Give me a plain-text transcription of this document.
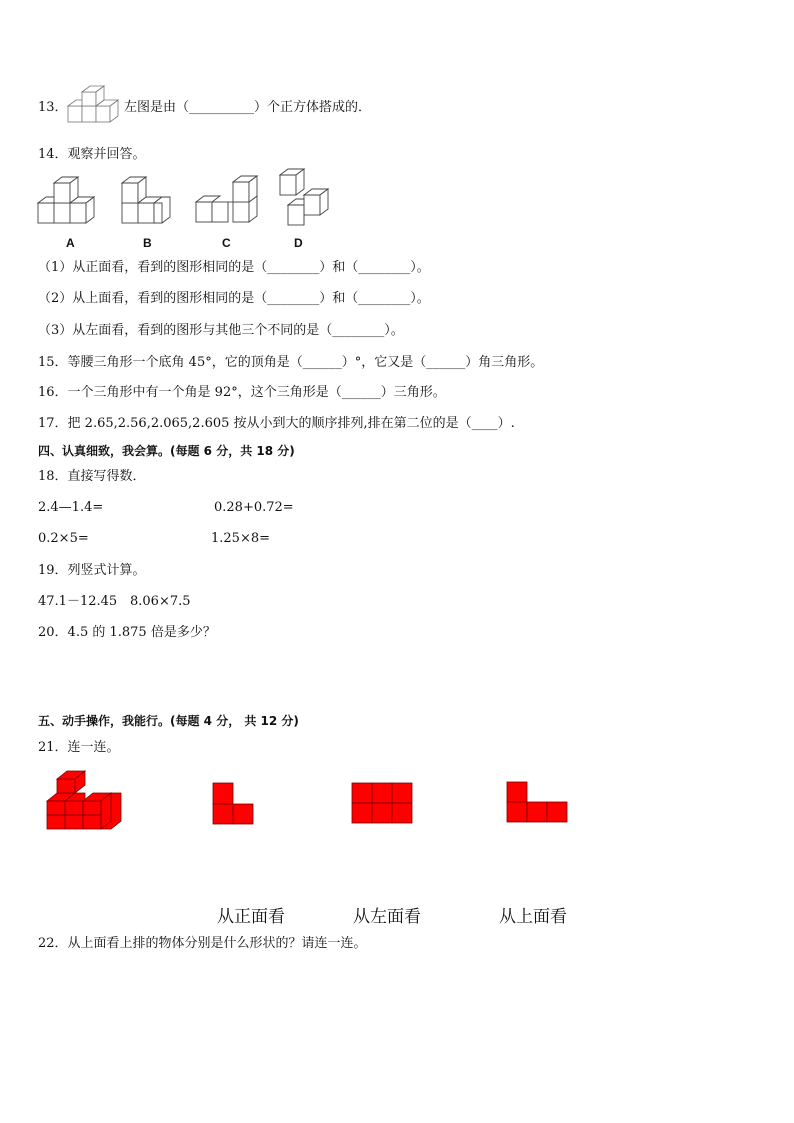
13．	左图是由（__________）个正方体搭成的．
14．观察并回答。
A	B	C	D
（1）从正面看，看到的图形相同的是（________）和（________）。
（2）从上面看，看到的图形相同的是（________）和（________）。
（3）从左面看，看到的图形与其他三个不同的是（________）。
15．等腰三角形一个底角 45°，它的顶角是（______）°，它又是（______）角三角形。
16．一个三角形中有一个角是 92°，这个三角形是（______）三角形。
17．把 2.65,2.56,2.065,2.605 按从小到大的顺序排列,排在第二位的是（____）.
四、认真细致，我会算。(每题 6 分，共 18 分)
18．直接写得数．
2.4—1.4=	0.28+0.72=
0.2×5=	1.25×8=
19．列竖式计算。
47.1－12.45 8.06×7.5
20．4.5 的 1.875 倍是多少？
五、动手操作，我能行。(每题 4 分， 共 12 分)
21．连一连。
从正面看	从左面看	从上面看
22．从上面看上排的物体分别是什么形状的？请连一连。
